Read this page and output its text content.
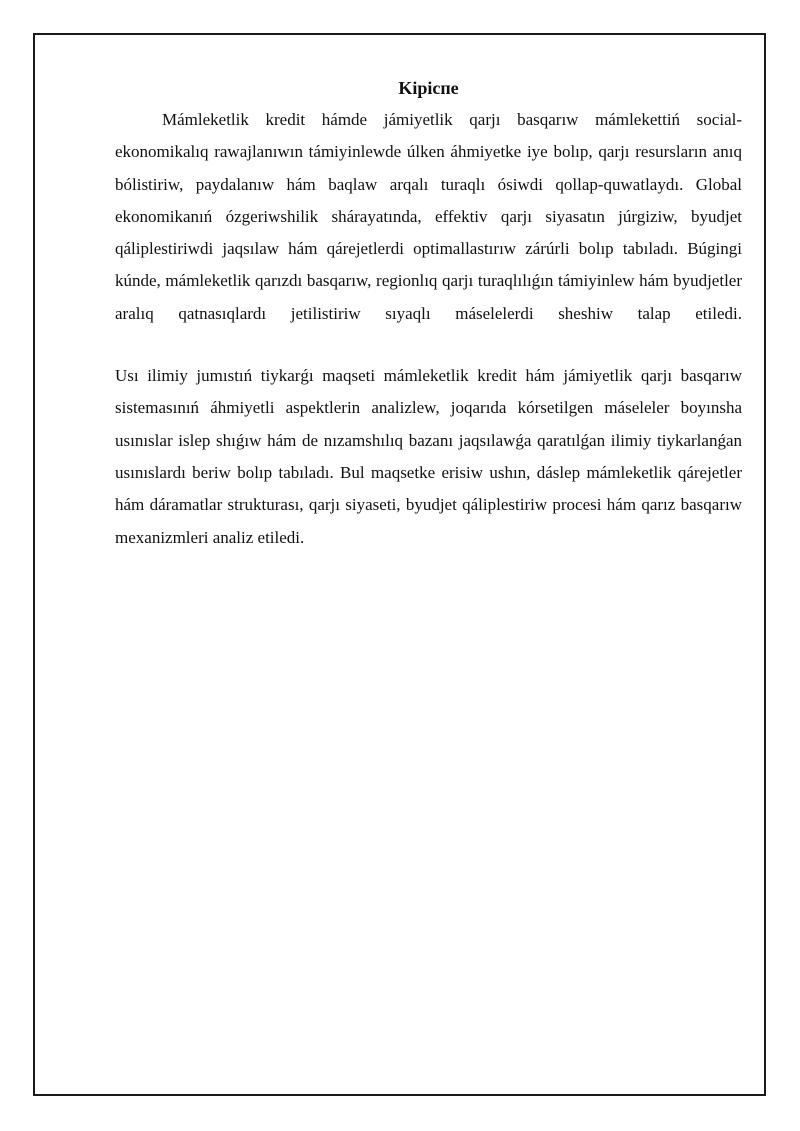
Kipicпe

Mámleketlik kredit hámde jámiyetlik qarjı basqarıw mámlekettiń social-ekonomikalıq rawajlanıwın támiyinlewde úlken áhmiyetke iye bolıp, qarjı resursların anıq bólistiriw, paydalanıw hám baqlaw arqalı turaqlı ósiwdi qollap-quwatlaydı. Global ekonomikanıń ózgeriwshilik shárayatında, effektiv qarjı siyasatın júrgiziw, byudjet qáliplestiriwdi jaqsılaw hám qárejetlerdi optimallastırıw zárúrli bolıp tabıladı. Búgingi kúnde, mámleketlik qarızdı basqarıw, regionlıq qarjı turaqlılıǵın támiyinlew hám byudjetler aralıq qatnasıqlardı jetilistiriw sıyaqlı máselelerdi sheshiw talap etiledi.

Usı ilimiy jumıstıń tiykarǵı maqseti mámleketlik kredit hám jámiyetlik qarjı basqarıw sistemasınıń áhmiyetli aspektlerin analizlew, joqarıda kórsetilgen máseleler boyınsha usınıslar islep shıǵıw hám de nızamshılıq bazanı jaqsılawǵa qaratılǵan ilimiy tiykarlanǵan usınıslardı beriw bolıp tabıladı. Bul maqsetke erisiw ushın, dáslep mámleketlik qárejetler hám dáramatlar strukturası, qarjı siyaseti, byudjet qáliplestiriw procesi hám qarız basqarıw mexanizmleri analiz etiledi.
